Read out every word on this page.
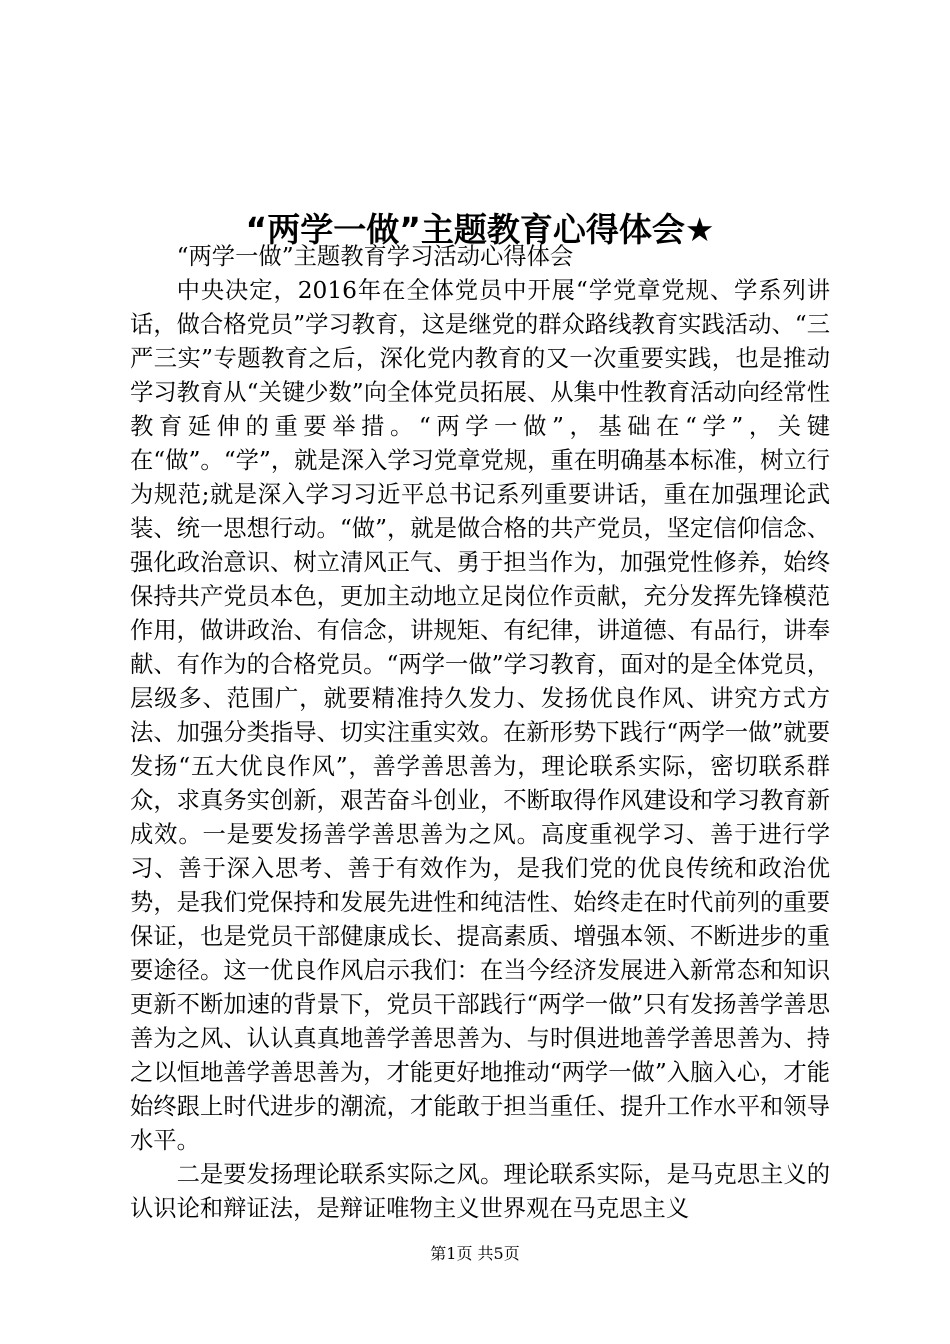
“两学一做”主题教育心得体会★

“两学一做”主题教育学习活动心得体会

中央决定，2016年在全体党员中开展“学党章党规、学系列讲话，做合格党员”学习教育，这是继党的群众路线教育实践活动、“三严三实”专题教育之后，深化党内教育的又一次重要实践，也是推动学习教育从“关键少数”向全体党员拓展、从集中性教育活动向经常性教育延伸的重要举措。“两学一做”，基础在“学”，关键在“做”。“学”，就是深入学习党章党规，重在明确基本标准，树立行为规范;就是深入学习习近平总书记系列重要讲话，重在加强理论武装、统一思想行动。“做”，就是做合格的共产党员，坚定信仰信念、强化政治意识、树立清风正气、勇于担当作为，加强党性修养，始终保持共产党员本色，更加主动地立足岗位作贡献，充分发挥先锋模范作用，做讲政治、有信念，讲规矩、有纪律，讲道德、有品行，讲奉献、有作为的合格党员。“两学一做”学习教育，面对的是全体党员，层级多、范围广，就要精准持久发力、发扬优良作风、讲究方式方法、加强分类指导、切实注重实效。在新形势下践行“两学一做”就要发扬“五大优良作风”，善学善思善为，理论联系实际，密切联系群众，求真务实创新，艰苦奋斗创业，不断取得作风建设和学习教育新成效。一是要发扬善学善思善为之风。高度重视学习、善于进行学习、善于深入思考、善于有效作为，是我们党的优良传统和政治优势，是我们党保持和发展先进性和纯洁性、始终走在时代前列的重要保证，也是党员干部健康成长、提高素质、增强本领、不断进步的重要途径。这一优良作风启示我们：在当今经济发展进入新常态和知识更新不断加速的背景下，党员干部践行“两学一做”只有发扬善学善思善为之风、认认真真地善学善思善为、与时俱进地善学善思善为、持之以恒地善学善思善为，才能更好地推动“两学一做”入脑入心，才能始终跟上时代进步的潮流，才能敢于担当重任、提升工作水平和领导水平。

二是要发扬理论联系实际之风。理论联系实际，是马克思主义的认识论和辩证法，是辩证唯物主义世界观在马克思主义

第1页 共5页
